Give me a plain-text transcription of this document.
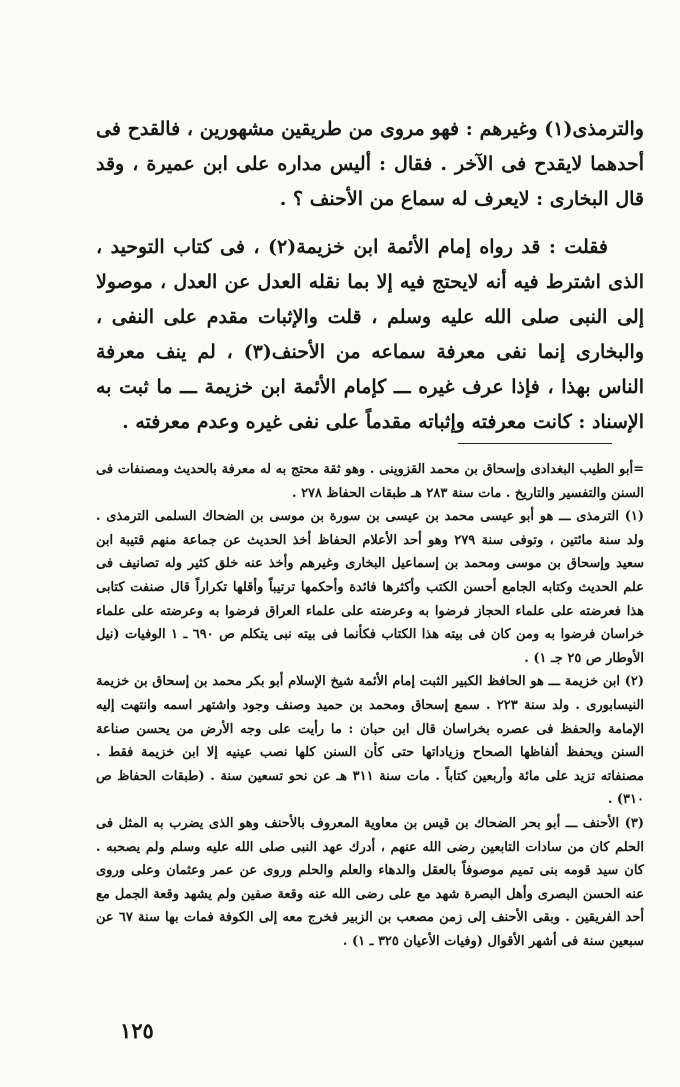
والترمذى(١) وغيرهم : فهو مروى من طريقين مشهورين ، فالقدح فى أحدهما لايقدح فى الآخر . فقال : أليس مداره على ابن عميرة ، وقد قال البخارى : لايعرف له سماع من الأحنف ؟ .

فقلت : قد رواه إمام الأئمة ابن خزيمة(٢) ، فى كتاب التوحيد ، الذى اشترط فيه أنه لايحتج فيه إلا بما نقله العدل عن العدل ، موصولا إلى النبى صلى الله عليه وسلم ، قلت والإثبات مقدم على النفى ، والبخارى إنما نفى معرفة سماعه من الأحنف(٣) ، لم ينف معرفة الناس بهذا ، فإذا عرف غيره ـــ كإمام الأئمة ابن خزيمة ـــ ما ثبت به الإسناد : كانت معرفته وإثباته مقدماً على نفى غيره وعدم معرفته .

=أبو الطيب البغدادى وإسحاق بن محمد القزوينى . وهو ثقة محتج به له معرفة بالحديث ومصنفات فى السنن والتفسير والتاريخ . مات سنة ٢٨٣ هـ طبقات الحفاظ ٢٧٨ .

(١) الترمذى ـــ هو أبو عيسى محمد بن عيسى بن سورة بن موسى بن الضحاك السلمى الترمذى . ولد سنة مائتين ، وتوفى سنة ٢٧٩ وهو أحد الأعلام الحفاظ أخذ الحديث عن جماعة منهم قتيبة ابن سعيد وإسحاق بن موسى ومحمد بن إسماعيل البخارى وغيرهم وأخذ عنه خلق كثير وله تصانيف فى علم الحديث وكتابه الجامع أحسن الكتب وأكثرها فائدة وأحكمها ترتيباً وأقلها تكراراً قال صنفت كتابى هذا فعرضته على علماء الحجاز فرضوا به وعرضته على علماء العراق فرضوا به وعرضته على علماء خراسان فرضوا به ومن كان فى بيته هذا الكتاب فكأنما فى بيته نبى يتكلم ص ٦٩٠ ـ ١ الوفيات (نيل الأوطار ص ٢٥ جـ ١) .

(٢) ابن خزيمة ـــ هو الحافظ الكبير الثبت إمام الأئمة شيخ الإسلام أبو بكر محمد بن إسحاق بن خزيمة النيسابورى . ولد سنة ٢٢٣ . سمع إسحاق ومحمد بن حميد وصنف وجود واشتهر اسمه وانتهت إليه الإمامة والحفظ فى عصره بخراسان قال ابن حبان : ما رأيت على وجه الأرض من يحسن صناعة السنن ويحفظ ألفاظها الصحاح وزياداتها حتى كأن السنن كلها نصب عينيه إلا ابن خزيمة فقط . مصنفاته تزيد على مائة وأربعين كتاباً . مات سنة ٣١١ هـ عن نحو تسعين سنة . (طبقات الحفاظ ص ٣١٠) .

(٣) الأحنف ـــ أبو بحر الضحاك بن قيس بن معاوية المعروف بالأحنف وهو الذى يضرب به المثل فى الحلم كان من سادات التابعين رضى الله عنهم ، أدرك عهد النبى صلى الله عليه وسلم ولم يصحبه . كان سيد قومه بنى تميم موصوفاً بالعقل والدهاء والعلم والحلم وروى عن عمر وعثمان وعلى وروى عنه الحسن البصرى وأهل البصرة شهد مع على رضى الله عنه وقعة صفين ولم يشهد وقعة الجمل مع أحد الفريقين . وبقى الأحنف إلى زمن مصعب بن الزبير فخرج معه إلى الكوفة فمات بها سنة ٦٧ عن سبعين سنة فى أشهر الأقوال (وفيات الأعيان ٣٢٥ ـ ١) .

١٢٥
